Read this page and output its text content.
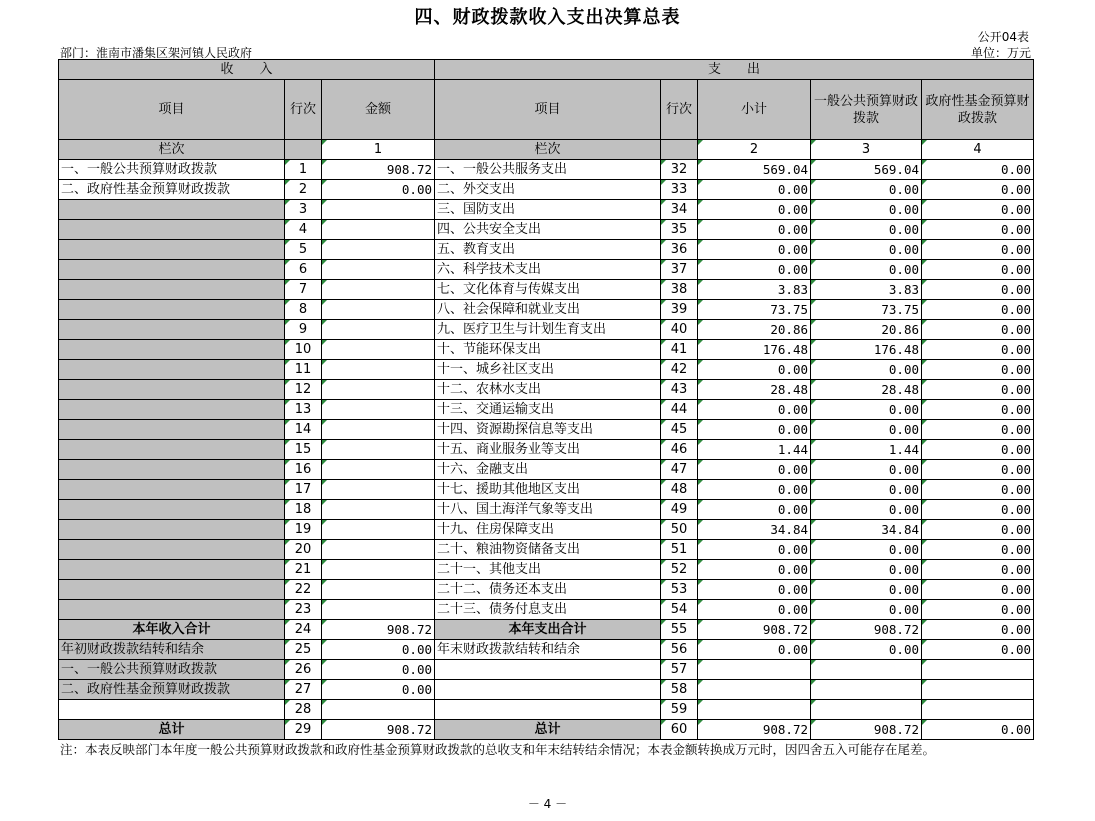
四、财政拨款收入支出决算总表
公开04表
部门：淮南市潘集区架河镇人民政府	单位：万元
收　　入			支　　出				
项目	行次	金额	项目	行次	小计	一般公共预算财政拨款	政府性基金预算财政拨款
栏次		1	栏次		2	3	4
一、一般公共预算财政拨款	1	908.72	一、一般公共服务支出	32	569.04	569.04	0.00
二、政府性基金预算财政拨款	2	0.00	二、外交支出	33	0.00	0.00	0.00
	3		三、国防支出	34	0.00	0.00	0.00
	4		四、公共安全支出	35	0.00	0.00	0.00
	5		五、教育支出	36	0.00	0.00	0.00
	6		六、科学技术支出	37	0.00	0.00	0.00
	7		七、文化体育与传媒支出	38	3.83	3.83	0.00
	8		八、社会保障和就业支出	39	73.75	73.75	0.00
	9		九、医疗卫生与计划生育支出	40	20.86	20.86	0.00
	10		十、节能环保支出	41	176.48	176.48	0.00
	11		十一、城乡社区支出	42	0.00	0.00	0.00
	12		十二、农林水支出	43	28.48	28.48	0.00
	13		十三、交通运输支出	44	0.00	0.00	0.00
	14		十四、资源勘探信息等支出	45	0.00	0.00	0.00
	15		十五、商业服务业等支出	46	1.44	1.44	0.00
	16		十六、金融支出	47	0.00	0.00	0.00
	17		十七、援助其他地区支出	48	0.00	0.00	0.00
	18		十八、国土海洋气象等支出	49	0.00	0.00	0.00
	19		十九、住房保障支出	50	34.84	34.84	0.00
	20		二十、粮油物资储备支出	51	0.00	0.00	0.00
	21		二十一、其他支出	52	0.00	0.00	0.00
	22		二十二、债务还本支出	53	0.00	0.00	0.00
	23		二十三、债务付息支出	54	0.00	0.00	0.00
本年收入合计	24	908.72	本年支出合计	55	908.72	908.72	0.00
年初财政拨款结转和结余	25	0.00	年末财政拨款结转和结余	56	0.00	0.00	0.00
一、一般公共预算财政拨款	26	0.00		57			
二、政府性基金预算财政拨款	27	0.00		58			
	28			59			
总计	29	908.72	总计	60	908.72	908.72	0.00
注：本表反映部门本年度一般公共预算财政拨款和政府性基金预算财政拨款的总收支和年末结转结余情况；本表金额转换成万元时，因四舍五入可能存在尾差。
－ 4 －
